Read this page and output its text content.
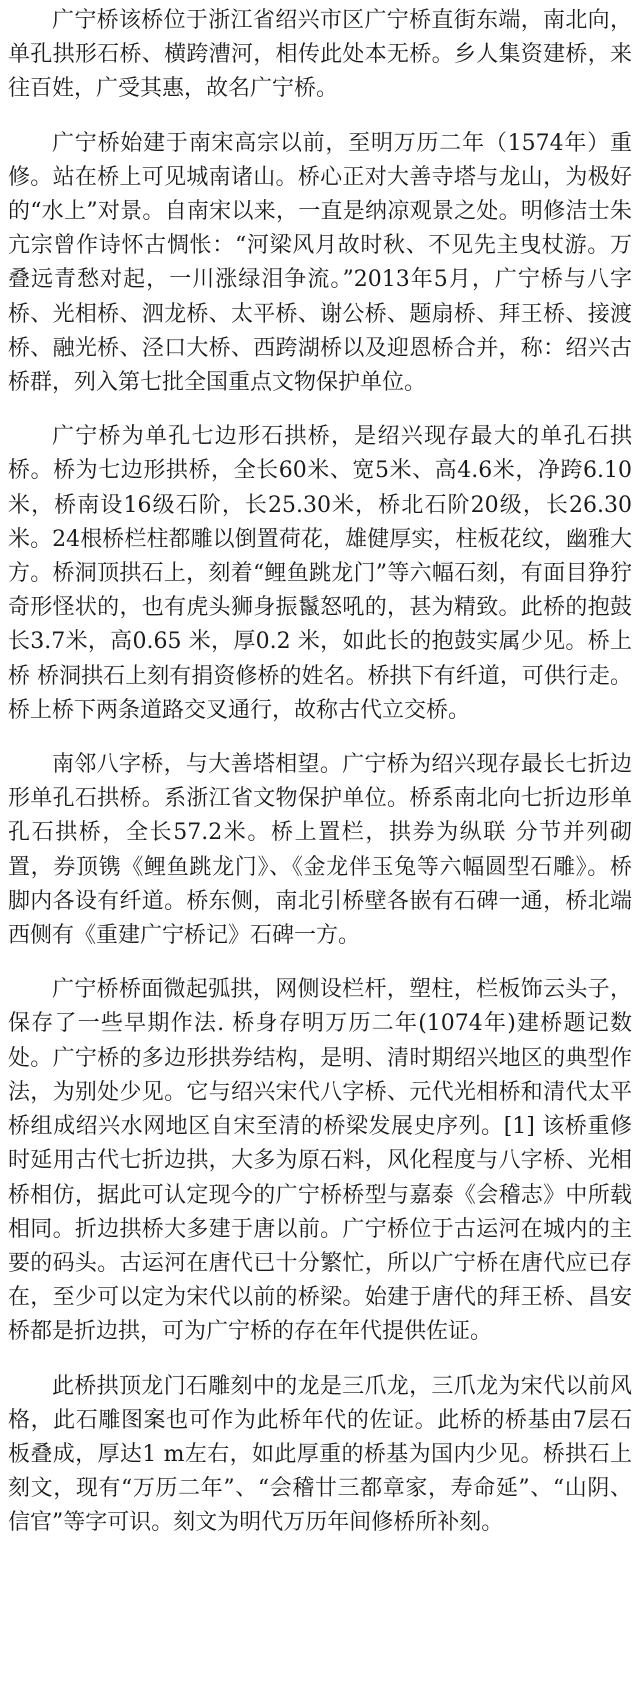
广宁桥该桥位于浙江省绍兴市区广宁桥直街东端，南北向，单孔拱形石桥、横跨漕河，相传此处本无桥。乡人集资建桥，来往百姓，广受其惠，故名广宁桥。

广宁桥始建于南宋高宗以前，至明万历二年（1574年）重修。站在桥上可见城南诸山。桥心正对大善寺塔与龙山，为极好的“水上”对景。自南宋以来，一直是纳凉观景之处。明修洁士朱亢宗曾作诗怀古惆怅：“河梁风月故时秋、不见先主曳杖游。万叠远青愁对起，一川涨绿泪争流。”2013年5月，广宁桥与八字桥、光相桥、泗龙桥、太平桥、谢公桥、题扇桥、拜王桥、接渡桥、融光桥、泾口大桥、西跨湖桥以及迎恩桥合并，称：绍兴古桥群，列入第七批全国重点文物保护单位。

广宁桥为单孔七边形石拱桥，是绍兴现存最大的单孔石拱桥。桥为七边形拱桥，全长60米、宽5米、高4.6米，净跨6.10米，桥南设16级石阶，长25.30米，桥北石阶20级，长26.30米。24根桥栏柱都雕以倒置荷花，雄健厚实，柱板花纹，幽雅大方。桥洞顶拱石上，刻着“鲤鱼跳龙门”等六幅石刻，有面目狰狞奇形怪状的，也有虎头狮身振鬣怒吼的，甚为精致。此桥的抱鼓长3.7米，高0.65 米，厚0.2 米，如此长的抱鼓实属少见。桥上桥 桥洞拱石上刻有捐资修桥的姓名。桥拱下有纤道，可供行走。桥上桥下两条道路交叉通行，故称古代立交桥。

南邻八字桥，与大善塔相望。广宁桥为绍兴现存最长七折边形单孔石拱桥。系浙江省文物保护单位。桥系南北向七折边形单孔石拱桥，全长57.2米。桥上置栏，拱券为纵联 分节并列砌置，券顶镌《鲤鱼跳龙门》、《金龙伴玉兔等六幅圆型石雕》。桥脚内各设有纤道。桥东侧，南北引桥壁各嵌有石碑一通，桥北端西侧有《重建广宁桥记》石碑一方。

广宁桥桥面微起弧拱，网侧设栏杆，塑柱，栏板饰云头子，保存了一些早期作法. 桥身存明万历二年(1074年)建桥题记数处。广宁桥的多边形拱券结构，是明、清时期绍兴地区的典型作法，为别处少见。它与绍兴宋代八字桥、元代光相桥和清代太平桥组成绍兴水网地区自宋至清的桥梁发展史序列。[1] 该桥重修时延用古代七折边拱，大多为原石料，风化程度与八字桥、光相桥相仿，据此可认定现今的广宁桥桥型与嘉泰《会稽志》中所载相同。折边拱桥大多建于唐以前。广宁桥位于古运河在城内的主要的码头。古运河在唐代已十分繁忙，所以广宁桥在唐代应已存在，至少可以定为宋代以前的桥梁。始建于唐代的拜王桥、昌安桥都是折边拱，可为广宁桥的存在年代提供佐证。

此桥拱顶龙门石雕刻中的龙是三爪龙，三爪龙为宋代以前风格，此石雕图案也可作为此桥年代的佐证。此桥的桥基由7层石板叠成，厚达1 m左右，如此厚重的桥基为国内少见。桥拱石上刻文，现有“万历二年”、“会稽廿三都章家，寿命延”、“山阴、信官”等字可识。刻文为明代万历年间修桥所补刻。
